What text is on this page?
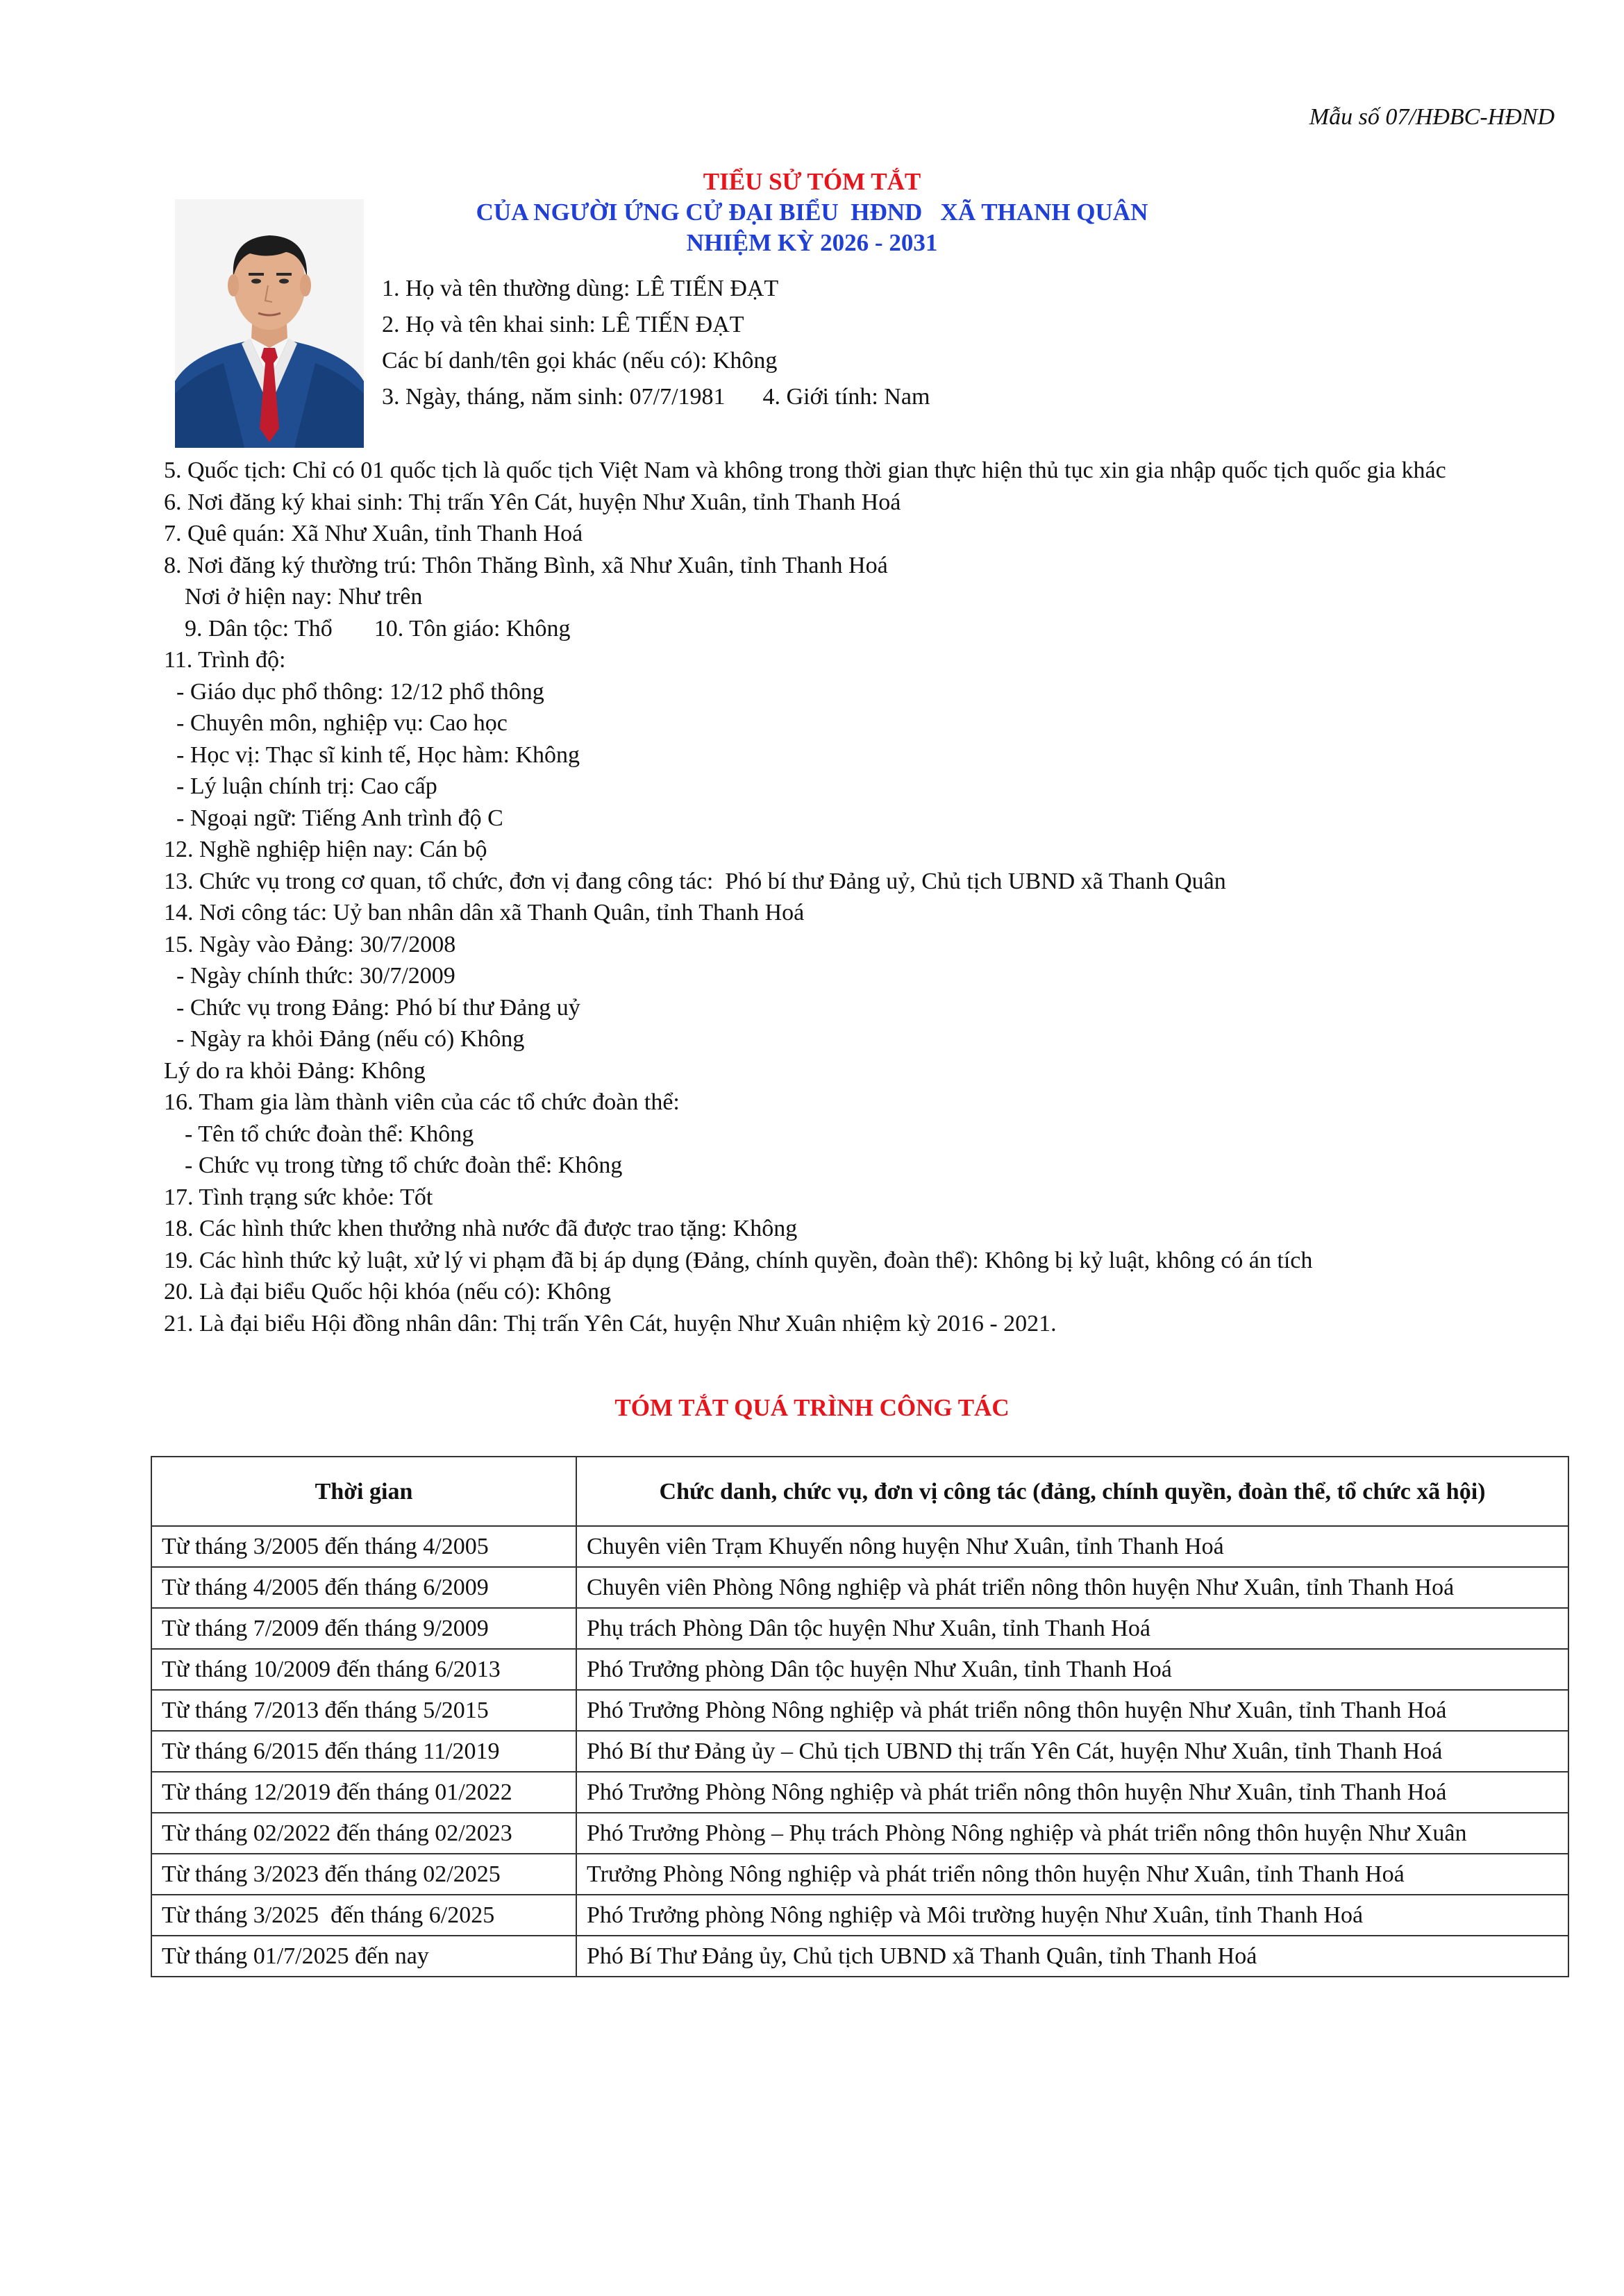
Mẫu số 07/HĐBC-HĐND
TIỂU SỬ TÓM TẮT
CỦA NGƯỜI ỨNG CỬ ĐẠI BIỂU  HĐND   XÃ THANH QUÂN
NHIỆM KỲ 2026 - 2031
1. Họ và tên thường dùng: LÊ TIẾN ĐẠT
2. Họ và tên khai sinh: LÊ TIẾN ĐẠT
Các bí danh/tên gọi khác (nếu có): Không
3. Ngày, tháng, năm sinh: 07/7/1981 4. Giới tính: Nam
5. Quốc tịch: Chỉ có 01 quốc tịch là quốc tịch Việt Nam và không trong thời gian thực hiện thủ tục xin gia nhập quốc tịch quốc gia khác
6. Nơi đăng ký khai sinh: Thị trấn Yên Cát, huyện Như Xuân, tỉnh Thanh Hoá
7. Quê quán: Xã Như Xuân, tỉnh Thanh Hoá
8. Nơi đăng ký thường trú: Thôn Thăng Bình, xã Như Xuân, tỉnh Thanh Hoá
Nơi ở hiện nay: Như trên
9. Dân tộc: Thổ 10. Tôn giáo: Không
11. Trình độ:
- Giáo dục phổ thông: 12/12 phổ thông
- Chuyên môn, nghiệp vụ: Cao học
- Học vị: Thạc sĩ kinh tế, Học hàm: Không
- Lý luận chính trị: Cao cấp
- Ngoại ngữ: Tiếng Anh trình độ C
12. Nghề nghiệp hiện nay: Cán bộ
13. Chức vụ trong cơ quan, tổ chức, đơn vị đang công tác:  Phó bí thư Đảng uỷ, Chủ tịch UBND xã Thanh Quân
14. Nơi công tác: Uỷ ban nhân dân xã Thanh Quân, tỉnh Thanh Hoá
15. Ngày vào Đảng: 30/7/2008
- Ngày chính thức: 30/7/2009
- Chức vụ trong Đảng: Phó bí thư Đảng uỷ
- Ngày ra khỏi Đảng (nếu có) Không
Lý do ra khỏi Đảng: Không
16. Tham gia làm thành viên của các tổ chức đoàn thể:
- Tên tổ chức đoàn thể: Không
- Chức vụ trong từng tổ chức đoàn thể: Không
17. Tình trạng sức khỏe: Tốt
18. Các hình thức khen thưởng nhà nước đã được trao tặng: Không
19. Các hình thức kỷ luật, xử lý vi phạm đã bị áp dụng (Đảng, chính quyền, đoàn thể): Không bị kỷ luật, không có án tích
20. Là đại biểu Quốc hội khóa (nếu có): Không
21. Là đại biểu Hội đồng nhân dân: Thị trấn Yên Cát, huyện Như Xuân nhiệm kỳ 2016 - 2021.
TÓM TẮT QUÁ TRÌNH CÔNG TÁC
Thời gian	Chức danh, chức vụ, đơn vị công tác (đảng, chính quyền, đoàn thể, tổ chức xã hội)
Từ tháng 3/2005 đến tháng 4/2005	Chuyên viên Trạm Khuyến nông huyện Như Xuân, tỉnh Thanh Hoá
Từ tháng 4/2005 đến tháng 6/2009	Chuyên viên Phòng Nông nghiệp và phát triển nông thôn huyện Như Xuân, tỉnh Thanh Hoá
Từ tháng 7/2009 đến tháng 9/2009	Phụ trách Phòng Dân tộc huyện Như Xuân, tỉnh Thanh Hoá
Từ tháng 10/2009 đến tháng 6/2013	Phó Trưởng phòng Dân tộc huyện Như Xuân, tỉnh Thanh Hoá
Từ tháng 7/2013 đến tháng 5/2015	Phó Trưởng Phòng Nông nghiệp và phát triển nông thôn huyện Như Xuân, tỉnh Thanh Hoá
Từ tháng 6/2015 đến tháng 11/2019	Phó Bí thư Đảng ủy – Chủ tịch UBND thị trấn Yên Cát, huyện Như Xuân, tỉnh Thanh Hoá
Từ tháng 12/2019 đến tháng 01/2022	Phó Trưởng Phòng Nông nghiệp và phát triển nông thôn huyện Như Xuân, tỉnh Thanh Hoá
Từ tháng 02/2022 đến tháng 02/2023	Phó Trưởng Phòng – Phụ trách Phòng Nông nghiệp và phát triển nông thôn huyện Như Xuân
Từ tháng 3/2023 đến tháng 02/2025	Trưởng Phòng Nông nghiệp và phát triển nông thôn huyện Như Xuân, tỉnh Thanh Hoá
Từ tháng 3/2025  đến tháng 6/2025	Phó Trưởng phòng Nông nghiệp và Môi trường huyện Như Xuân, tỉnh Thanh Hoá
Từ tháng 01/7/2025 đến nay	Phó Bí Thư Đảng ủy, Chủ tịch UBND xã Thanh Quân, tỉnh Thanh Hoá
